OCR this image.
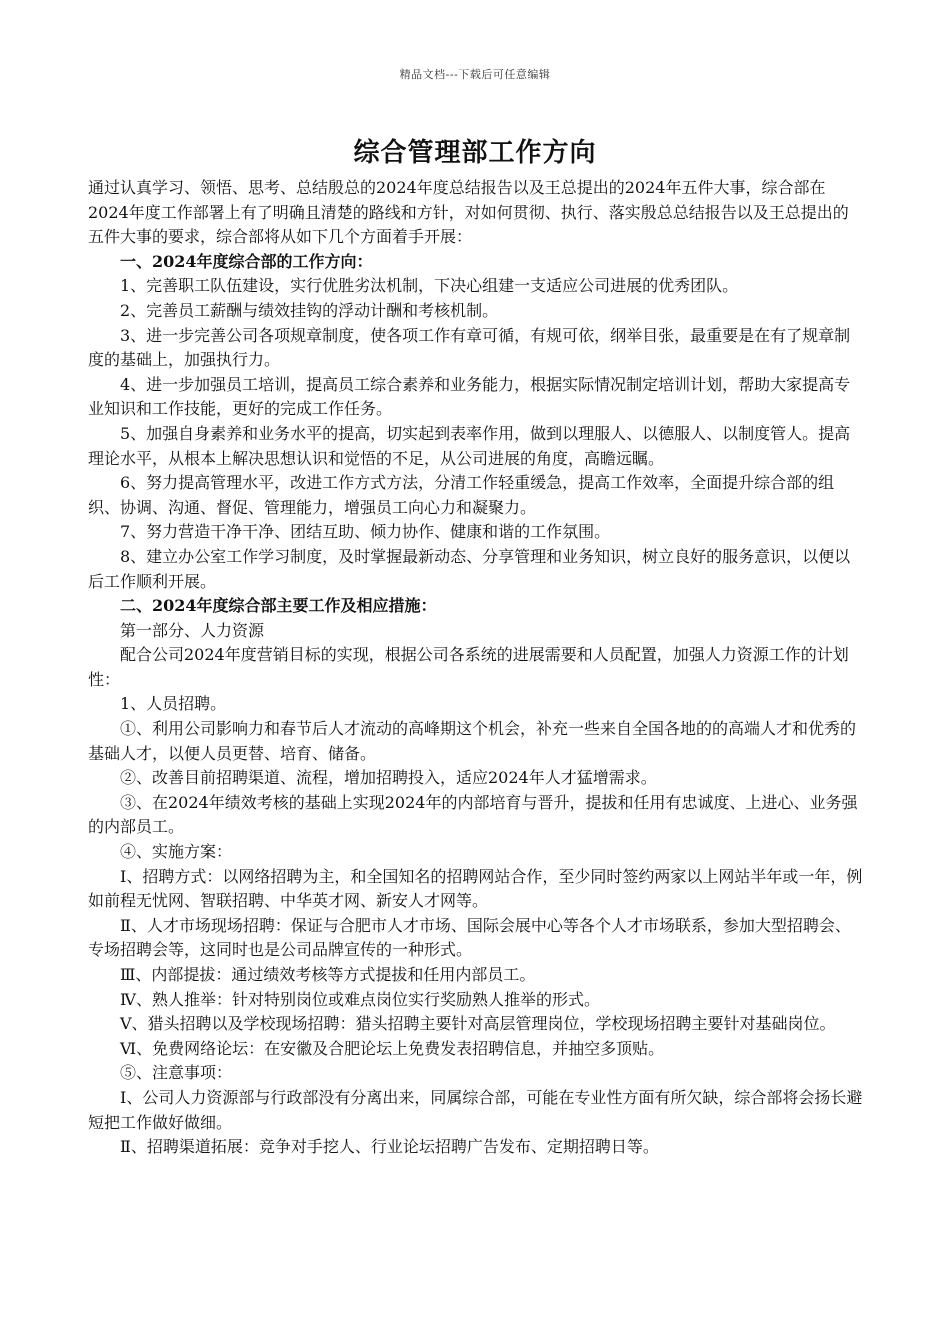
精品文档---下载后可任意编辑
综合管理部工作方向

通过认真学习、领悟、思考、总结殷总的2024年度总结报告以及王总提出的2024年五件大事，综合部在2024年度工作部署上有了明确且清楚的路线和方针，对如何贯彻、执行、落实殷总总结报告以及王总提出的五件大事的要求，综合部将从如下几个方面着手开展：

一、2024年度综合部的工作方向：

1、完善职工队伍建设，实行优胜劣汰机制，下决心组建一支适应公司进展的优秀团队。

2、完善员工薪酬与绩效挂钩的浮动计酬和考核机制。

3、进一步完善公司各项规章制度，使各项工作有章可循，有规可依，纲举目张，最重要是在有了规章制度的基础上，加强执行力。

4、进一步加强员工培训，提高员工综合素养和业务能力，根据实际情况制定培训计划，帮助大家提高专业知识和工作技能，更好的完成工作任务。

5、加强自身素养和业务水平的提高，切实起到表率作用，做到以理服人、以德服人、以制度管人。提高理论水平，从根本上解决思想认识和觉悟的不足，从公司进展的角度，高瞻远瞩。

6、努力提高管理水平，改进工作方式方法，分清工作轻重缓急，提高工作效率，全面提升综合部的组织、协调、沟通、督促、管理能力，增强员工向心力和凝聚力。

7、努力营造干净干净、团结互助、倾力协作、健康和谐的工作氛围。

8、建立办公室工作学习制度，及时掌握最新动态、分享管理和业务知识，树立良好的服务意识，以便以后工作顺利开展。

二、2024年度综合部主要工作及相应措施：

第一部分、人力资源

配合公司2024年度营销目标的实现，根据公司各系统的进展需要和人员配置，加强人力资源工作的计划性：

1、人员招聘。

①、利用公司影响力和春节后人才流动的高峰期这个机会，补充一些来自全国各地的的高端人才和优秀的基础人才，以便人员更替、培育、储备。

②、改善目前招聘渠道、流程，增加招聘投入，适应2024年人才猛增需求。

③、在2024年绩效考核的基础上实现2024年的内部培育与晋升，提拔和任用有忠诚度、上进心、业务强的内部员工。

④、实施方案：

Ⅰ、招聘方式：以网络招聘为主，和全国知名的招聘网站合作，至少同时签约两家以上网站半年或一年，例如前程无忧网、智联招聘、中华英才网、新安人才网等。

Ⅱ、人才市场现场招聘：保证与合肥市人才市场、国际会展中心等各个人才市场联系，参加大型招聘会、专场招聘会等，这同时也是公司品牌宣传的一种形式。

Ⅲ、内部提拔：通过绩效考核等方式提拔和任用内部员工。

Ⅳ、熟人推举：针对特别岗位或难点岗位实行奖励熟人推举的形式。

Ⅴ、猎头招聘以及学校现场招聘：猎头招聘主要针对高层管理岗位，学校现场招聘主要针对基础岗位。

Ⅵ、免费网络论坛：在安徽及合肥论坛上免费发表招聘信息，并抽空多顶贴。

⑤、注意事项：

Ⅰ、公司人力资源部与行政部没有分离出来，同属综合部，可能在专业性方面有所欠缺，综合部将会扬长避短把工作做好做细。

Ⅱ、招聘渠道拓展：竞争对手挖人、行业论坛招聘广告发布、定期招聘日等。
